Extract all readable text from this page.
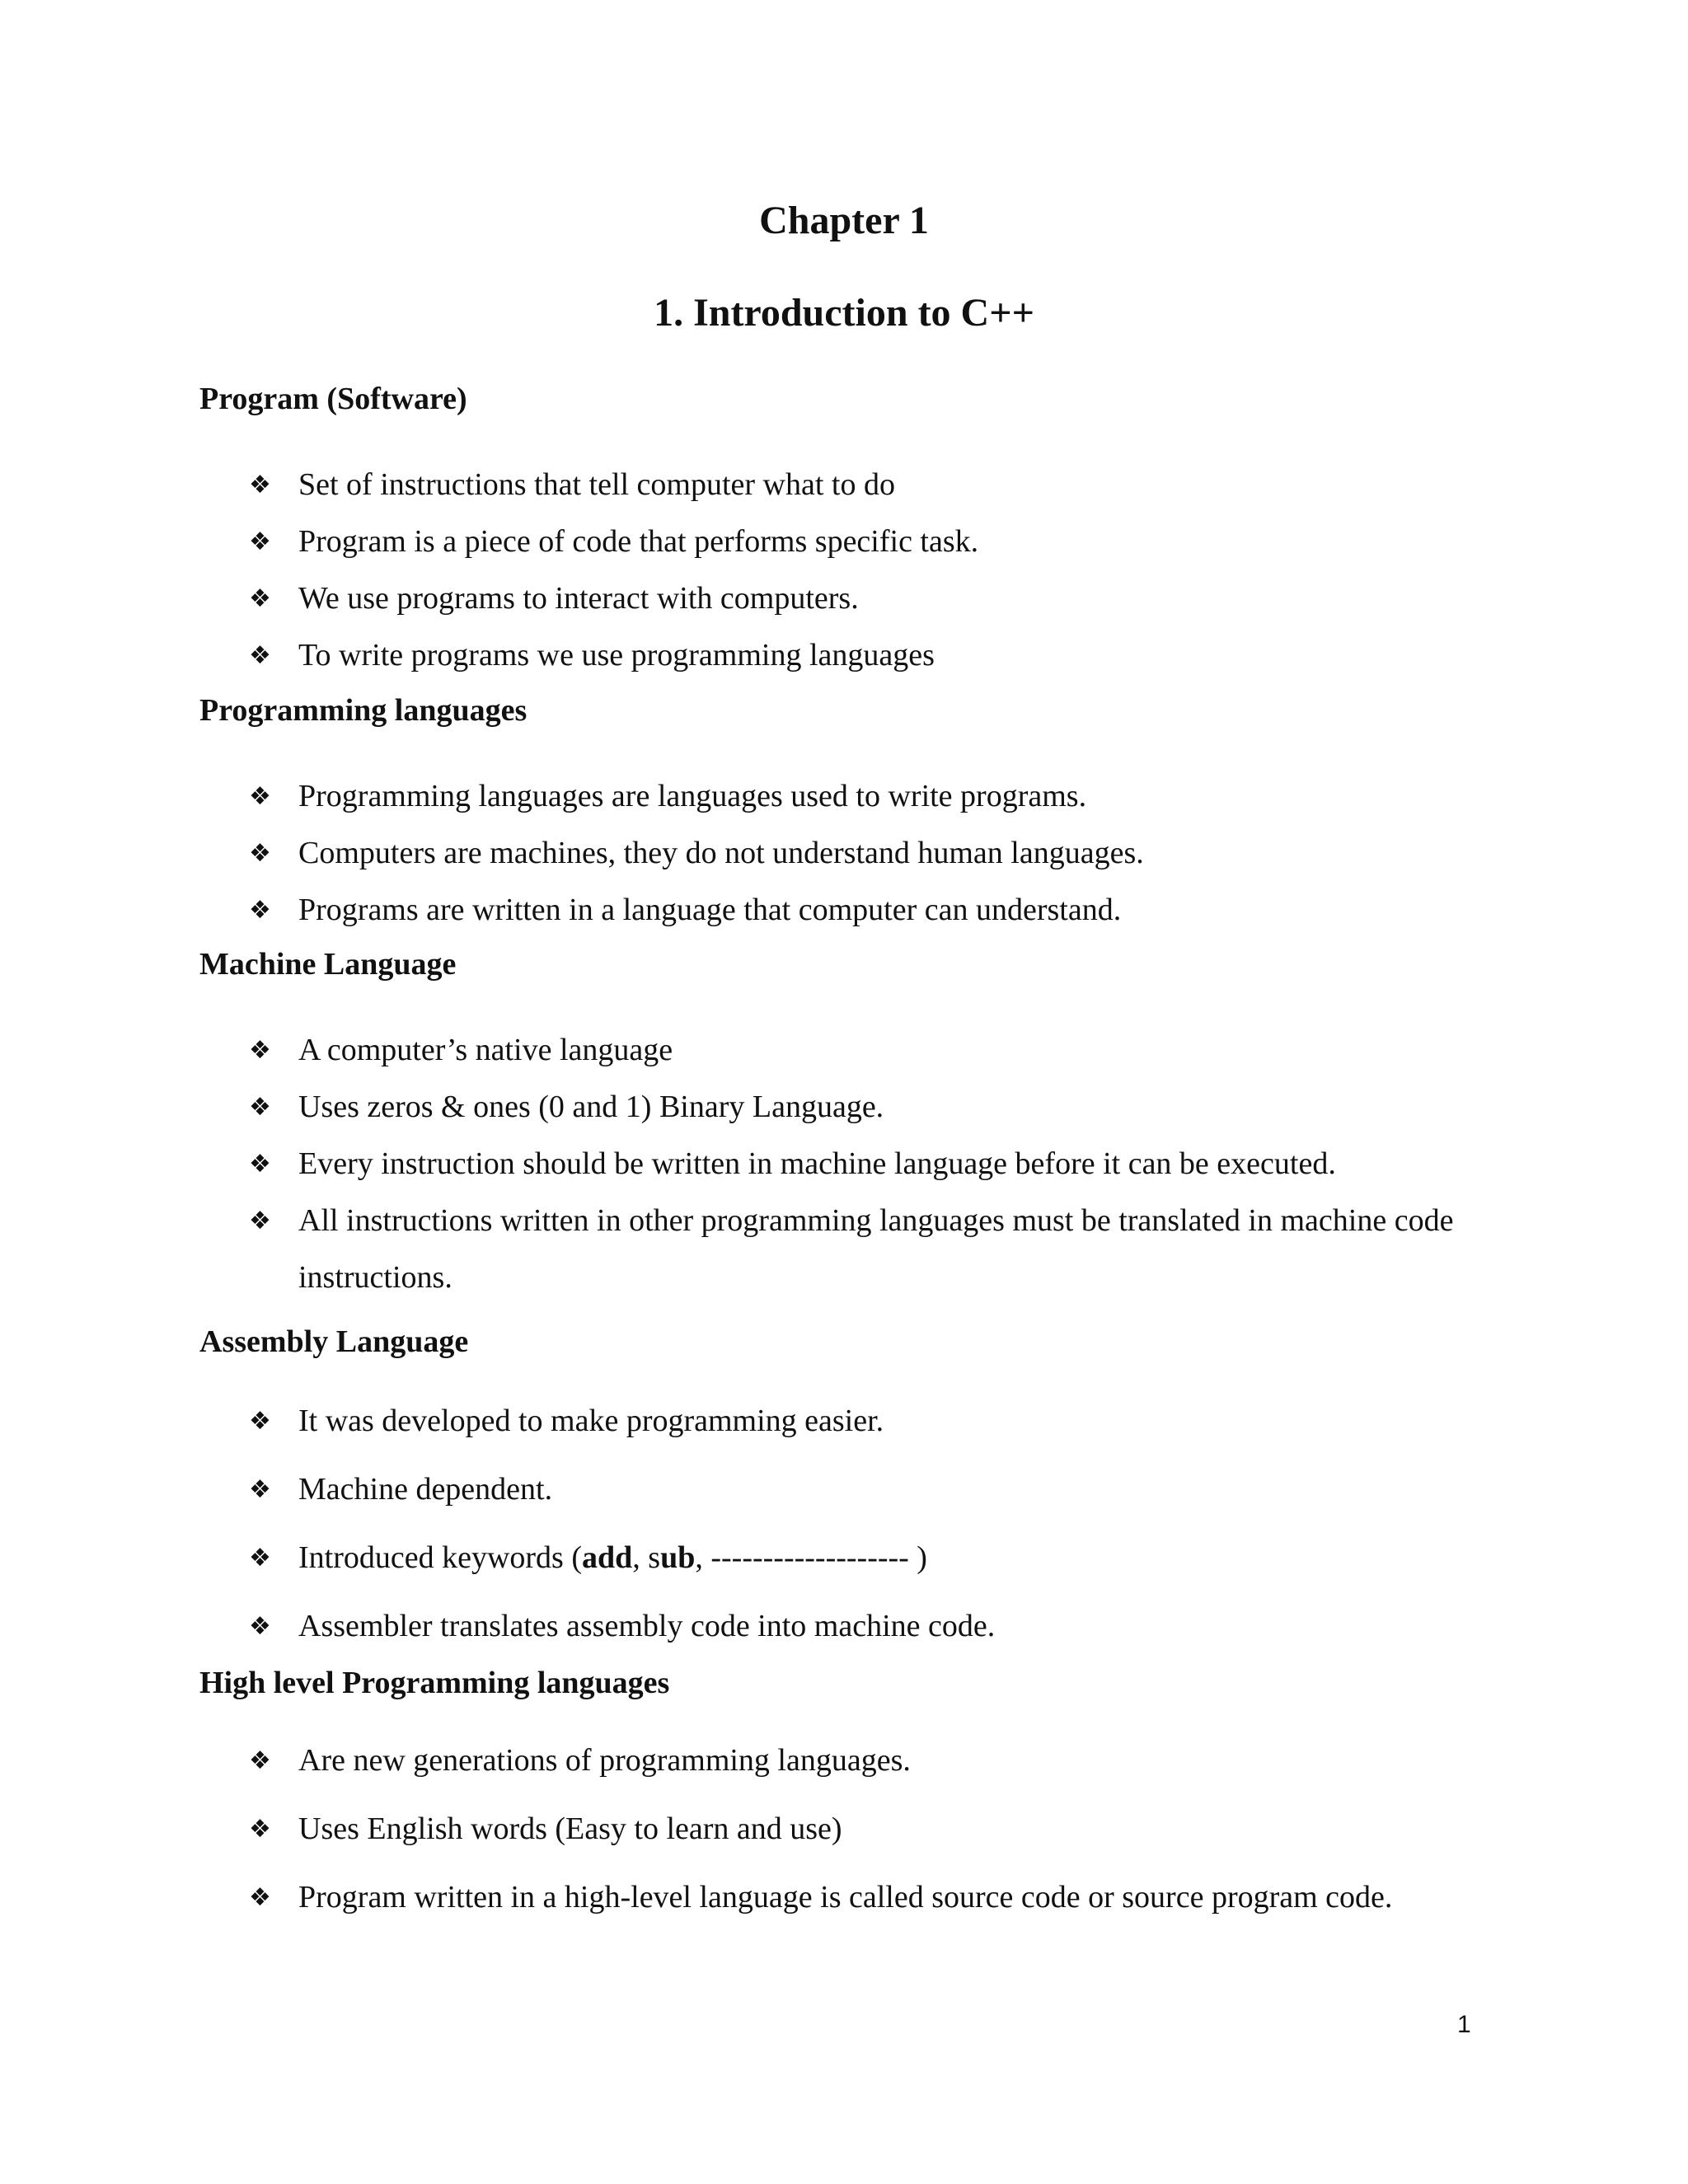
Chapter 1
1. Introduction to C++
Program (Software)
❖ Set of instructions that tell computer what to do
❖ Program is a piece of code that performs specific task.
❖ We use programs to interact with computers.
❖ To write programs we use programming languages
Programming languages
❖ Programming languages are languages used to write programs.
❖ Computers are machines, they do not understand human languages.
❖ Programs are written in a language that computer can understand.
Machine Language
❖ A computer’s native language
❖ Uses zeros & ones (0 and 1) Binary Language.
❖ Every instruction should be written in machine language before it can be executed.
❖ All instructions written in other programming languages must be translated in machine code instructions.
Assembly Language
❖ It was developed to make programming easier.
❖ Machine dependent.
❖ Introduced keywords (add, sub, ------------------- )
❖ Assembler translates assembly code into machine code.
High level Programming languages
❖ Are new generations of programming languages.
❖ Uses English words (Easy to learn and use)
❖ Program written in a high-level language is called source code or source program code.
1
